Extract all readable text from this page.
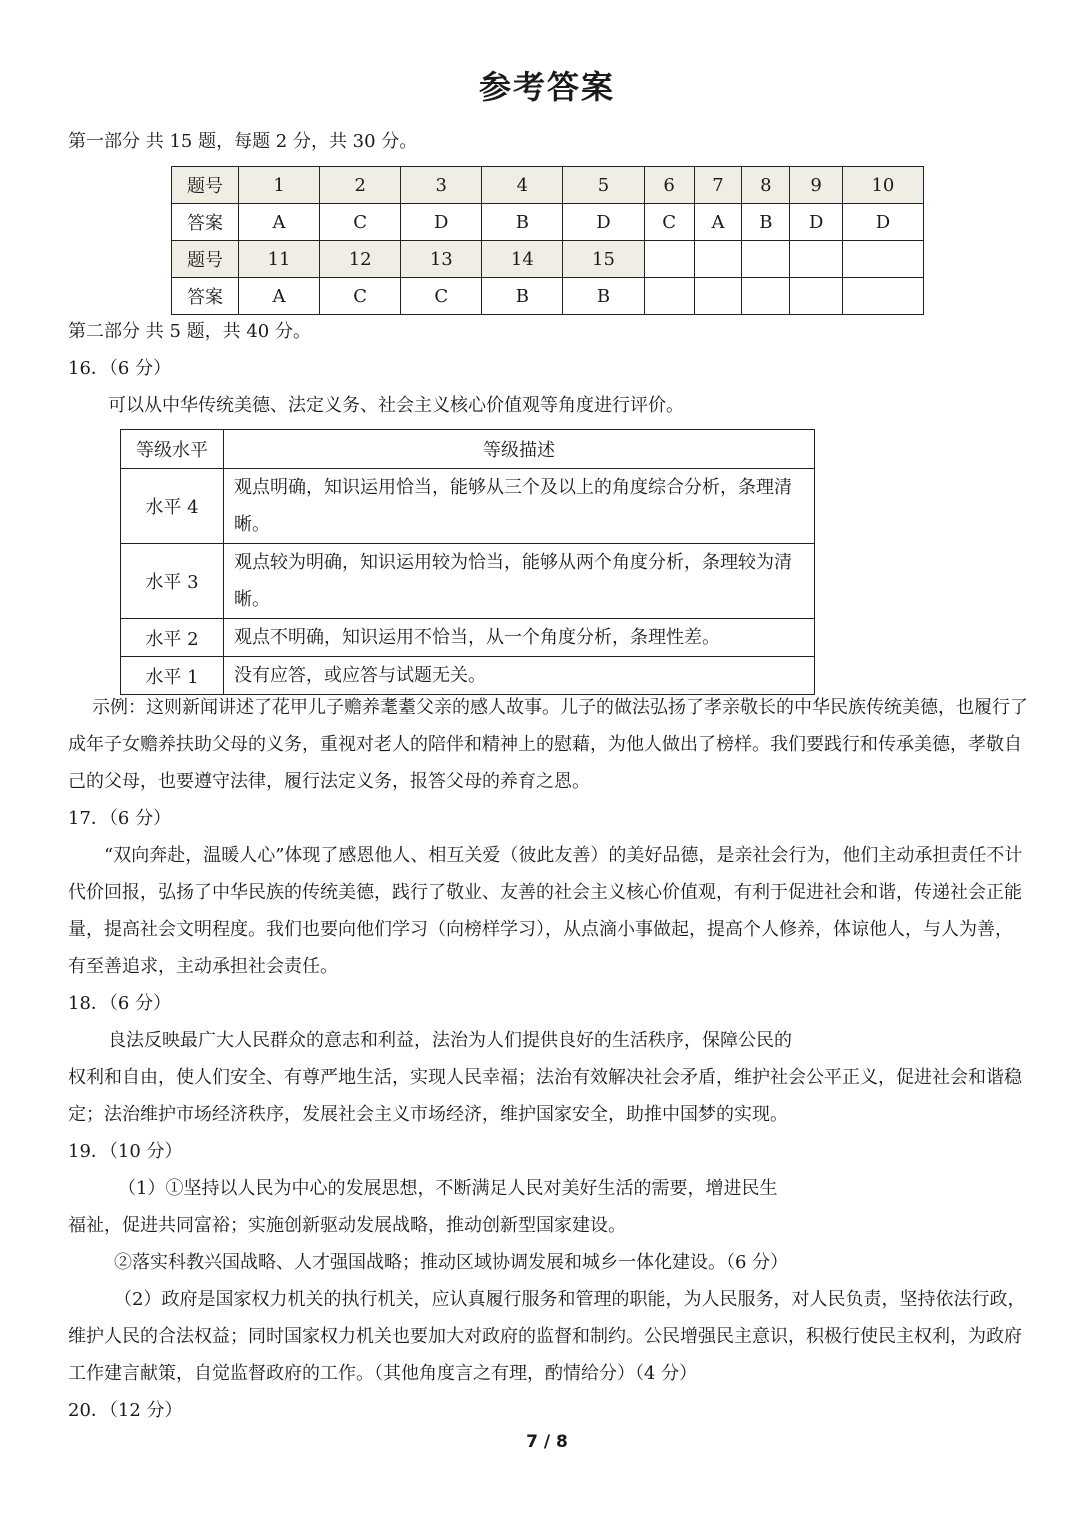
参考答案
第一部分 共 15 题，每题 2 分，共 30 分。
题号	1	2	3	4	5	6	7	8	9	10
答案	A	C	D	B	D	C	A	B	D	D
题号	11	12	13	14	15					
答案	A	C	C	B	B					
第二部分 共 5 题，共 40 分。
16．（6 分）
可以从中华传统美德、法定义务、社会主义核心价值观等角度进行评价。
等级水平	等级描述
水平 4	观点明确，知识运用恰当，能够从三个及以上的角度综合分析，条理清晰。
水平 3	观点较为明确，知识运用较为恰当，能够从两个角度分析，条理较为清晰。
水平 2	观点不明确，知识运用不恰当，从一个角度分析，条理性差。
水平 1	没有应答，或应答与试题无关。
示例：这则新闻讲述了花甲儿子赡养耄耋父亲的感人故事。儿子的做法弘扬了孝亲敬长的中华民族传统美德，也履行了成年子女赡养扶助父母的义务，重视对老人的陪伴和精神上的慰藉，为他人做出了榜样。我们要践行和传承美德，孝敬自己的父母，也要遵守法律，履行法定义务，报答父母的养育之恩。
17．（6 分）
“双向奔赴，温暖人心”体现了感恩他人、相互关爱（彼此友善）的美好品德，是亲社会行为，他们主动承担责任不计代价回报，弘扬了中华民族的传统美德，践行了敬业、友善的社会主义核心价值观，有利于促进社会和谐，传递社会正能量，提高社会文明程度。我们也要向他们学习（向榜样学习），从点滴小事做起，提高个人修养，体谅他人，与人为善，有至善追求，主动承担社会责任。
18．（6 分）
良法反映最广大人民群众的意志和利益，法治为人们提供良好的生活秩序，保障公民的
权利和自由，使人们安全、有尊严地生活，实现人民幸福；法治有效解决社会矛盾，维护社会公平正义，促进社会和谐稳定；法治维护市场经济秩序，发展社会主义市场经济，维护国家安全，助推中国梦的实现。
19．（10 分）
（1）①坚持以人民为中心的发展思想，不断满足人民对美好生活的需要，增进民生
福祉，促进共同富裕；实施创新驱动发展战略，推动创新型国家建设。
②落实科教兴国战略、人才强国战略；推动区域协调发展和城乡一体化建设。（6 分）
（2）政府是国家权力机关的执行机关，应认真履行服务和管理的职能，为人民服务，对人民负责，坚持依法行政，维护人民的合法权益；同时国家权力机关也要加大对政府的监督和制约。公民增强民主意识，积极行使民主权利，为政府工作建言献策，自觉监督政府的工作。（其他角度言之有理，酌情给分）（4 分）
20．（12 分）
7 / 8
